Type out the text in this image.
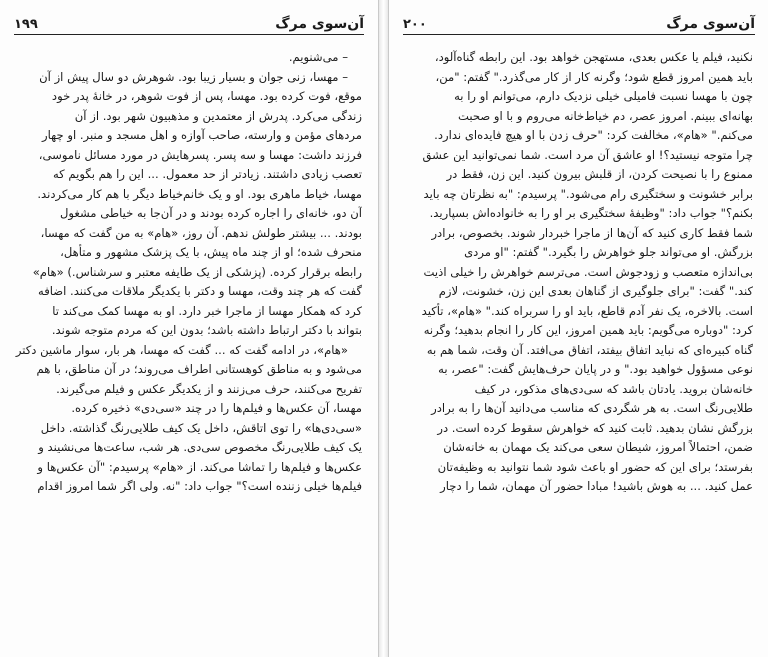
۱۹۹	آن‌سوی مرگ
– می‌شنویم.
– مهسا، زنی جوان و بسیار زیبا بود. شوهرش دو سال پیش از آن
موقع، فوت کرده بود. مهسا، پس از فوت شوهر، در خانهٔ پدر خود
زندگی می‌کرد. پدرش از معتمدین و مذهبیون شهر بود. از آن
مردهای مؤمن و وارسته، صاحب آوازه و اهل مسجد و منبر. او چهار
فرزند داشت: مهسا و سه پسر. پسرهایش در مورد مسائل ناموسی،
تعصب زیادی داشتند. زیادتر از حد معمول. ... این را هم بگویم که
مهسا، خیاط ماهری بود. او و یک خانم‌خیاط دیگر با هم کار می‌کردند.
آن دو، خانه‌ای را اجاره کرده بودند و در آن‌جا به خیاطی مشغول
بودند. ... بیشتر طولش ندهم. آن روز، «هام» به من گفت که مهسا،
منحرف شده؛ او از چند ماه پیش، با یک پزشک مشهور و متأهل،
رابطه برقرار کرده. (پزشکی از یک طایفه معتبر و سرشناس.) «هام»
گفت که هر چند وقت، مهسا و دکتر با یکدیگر ملاقات می‌کنند. اضافه
کرد که همکار مهسا از ماجرا خبر دارد. او به مهسا کمک می‌کند تا
بتواند با دکتر ارتباط داشته باشد؛ بدون این که مردم متوجه شوند.
«هام»، در ادامه گفت که ... گفت که مهسا، هر بار، سوار ماشین دکتر
می‌شود و به مناطق کوهستانی اطراف می‌روند؛ در آن مناطق، با هم
تفریح می‌کنند، حرف می‌زنند و از یکدیگر عکس و فیلم می‌گیرند.
مهسا، آن عکس‌ها و فیلم‌ها را در چند «سی‌دی» ذخیره کرده.
«سی‌دی‌ها» را توی اتاقش، داخل یک کیف طلایی‌رنگ گذاشته. داخل
یک کیف طلایی‌رنگ مخصوص سی‌دی. هر شب، ساعت‌ها می‌نشیند و
عکس‌ها و فیلم‌ها را تماشا می‌کند. از «هام» پرسیدم: "آن عکس‌ها و
فیلم‌ها خیلی زننده است؟" جواب داد: "نه. ولی اگر شما امروز اقدام
۲۰۰	آن‌سوی مرگ
نکنید، فیلم یا عکس بعدی، مستهجن خواهد بود. این رابطه گناه‌آلود،
باید همین امروز قطع شود؛ وگرنه کار از کار می‌گذرد." گفتم: "من،
چون با مهسا نسبت فامیلی خیلی نزدیک دارم، می‌توانم او را به
بهانه‌ای ببینم. امروز عصر، دم خیاط‌خانه می‌روم و با او صحبت
می‌کنم." «هام»، مخالفت کرد: "حرف زدن با او هیچ فایده‌ای ندارد.
چرا متوجه نیستید؟! او عاشق آن مرد است. شما نمی‌توانید این عشق
ممنوع را با نصیحت کردن، از قلبش بیرون کنید. این زن، فقط در
برابر خشونت و سختگیری رام می‌شود." پرسیدم: "به نظرتان چه باید
بکنم؟" جواب داد: "وظیفهٔ سختگیری بر او را به خانواده‌اش بسپارید.
شما فقط کاری کنید که آن‌ها از ماجرا خبردار شوند. بخصوص، برادر
بزرگش. او می‌تواند جلو خواهرش را بگیرد." گفتم: "او مردی
بی‌اندازه متعصب و زودجوش است. می‌ترسم خواهرش را خیلی اذیت
کند." گفت: "برای جلوگیری از گناهان بعدی این زن، خشونت، لازم
است. بالاخره، یک نفر آدم قاطع، باید او را سربراه کند." «هام»، تأکید
کرد: "دوباره می‌گویم: باید همین امروز، این کار را انجام بدهید؛ وگرنه
گناه کبیره‌ای که نباید اتفاق بیفتد، اتفاق می‌افتد. آن وقت، شما هم به
نوعی مسؤول خواهید بود." و در پایان حرف‌هایش گفت: "عصر، به
خانه‌شان بروید. یادتان باشد که سی‌دی‌های مذکور، در کیف
طلایی‌رنگ است. به هر شگردی که مناسب می‌دانید آن‌ها را به برادر
بزرگش نشان بدهید. ثابت کنید که خواهرش سقوط کرده است. در
ضمن، احتمالاً امروز، شیطان سعی می‌کند یک مهمان به خانه‌شان
بفرستد؛ برای این که حضور او باعث شود شما نتوانید به وظیفه‌تان
عمل کنید. ... به هوش باشید! مبادا حضور آن مهمان، شما را دچار
